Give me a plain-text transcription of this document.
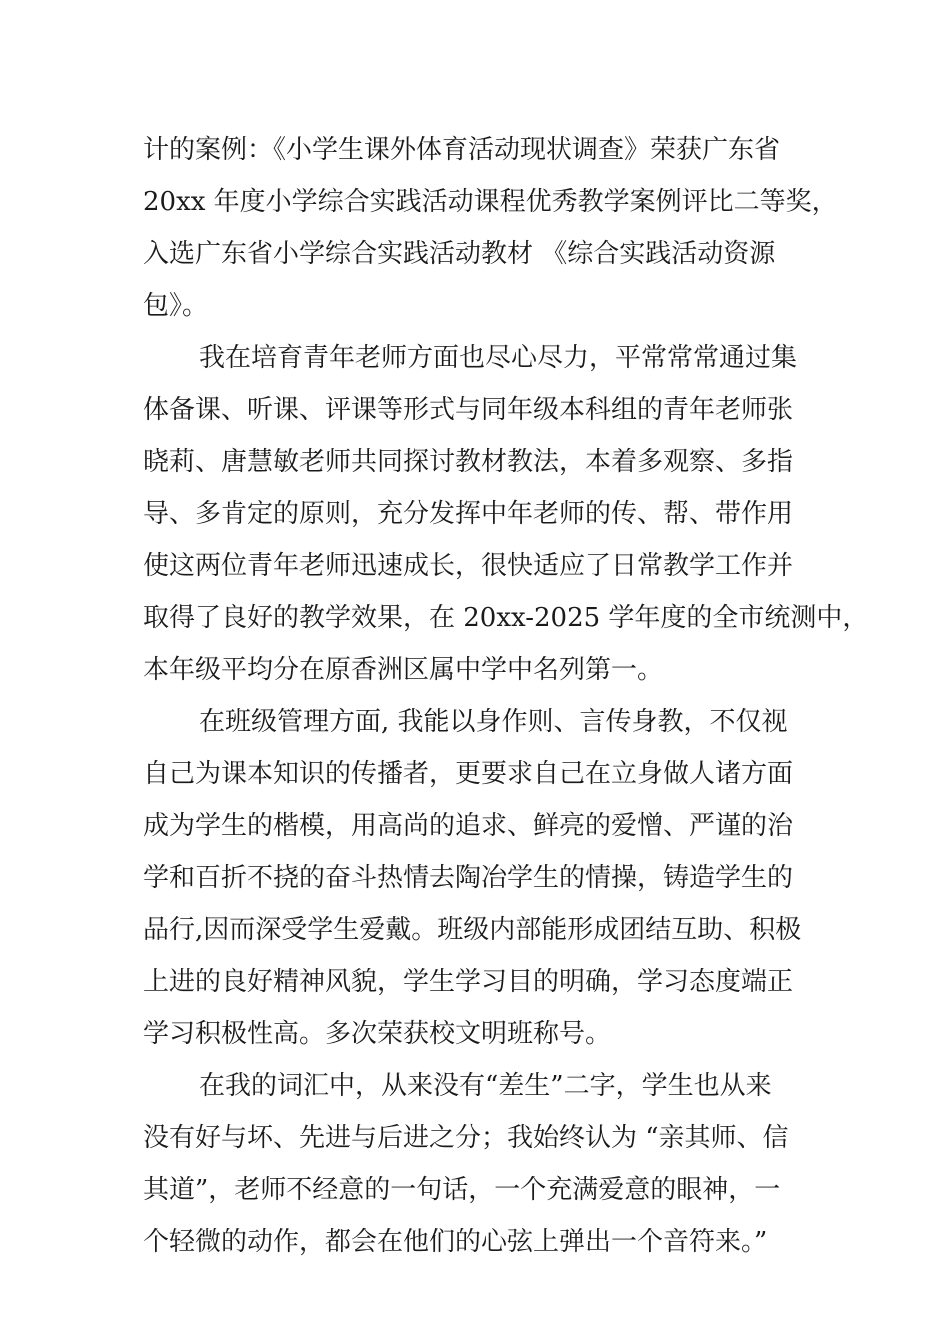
计的案例：《小学生课外体育活动现状调查》荣获广东省
20xx 年度小学综合实践活动课程优秀教学案例评比二等奖，
入选广东省小学综合实践活动教材 《综合实践活动资源
包》。
我在培育青年老师方面也尽心尽力，平常常常通过集
体备课、听课、评课等形式与同年级本科组的青年老师张
晓莉、唐慧敏老师共同探讨教材教法，本着多观察、多指
导、多肯定的原则，充分发挥中年老师的传、帮、带作用
使这两位青年老师迅速成长，很快适应了日常教学工作并
取得了良好的教学效果，在 20xx-2025 学年度的全市统测中，
本年级平均分在原香洲区属中学中名列第一。
在班级管理方面, 我能以身作则、言传身教，不仅视
自己为课本知识的传播者，更要求自己在立身做人诸方面
成为学生的楷模，用高尚的追求、鲜亮的爱憎、严谨的治
学和百折不挠的奋斗热情去陶冶学生的情操，铸造学生的
品行,因而深受学生爱戴。班级内部能形成团结互助、积极
上进的良好精神风貌，学生学习目的明确，学习态度端正
学习积极性高。多次荣获校文明班称号。
在我的词汇中，从来没有“差生”二字，学生也从来
没有好与坏、先进与后进之分；我始终认为 “亲其师、信
其道”，老师不经意的一句话，一个充满爱意的眼神，一
个轻微的动作，都会在他们的心弦上弹出一个音符来。”
